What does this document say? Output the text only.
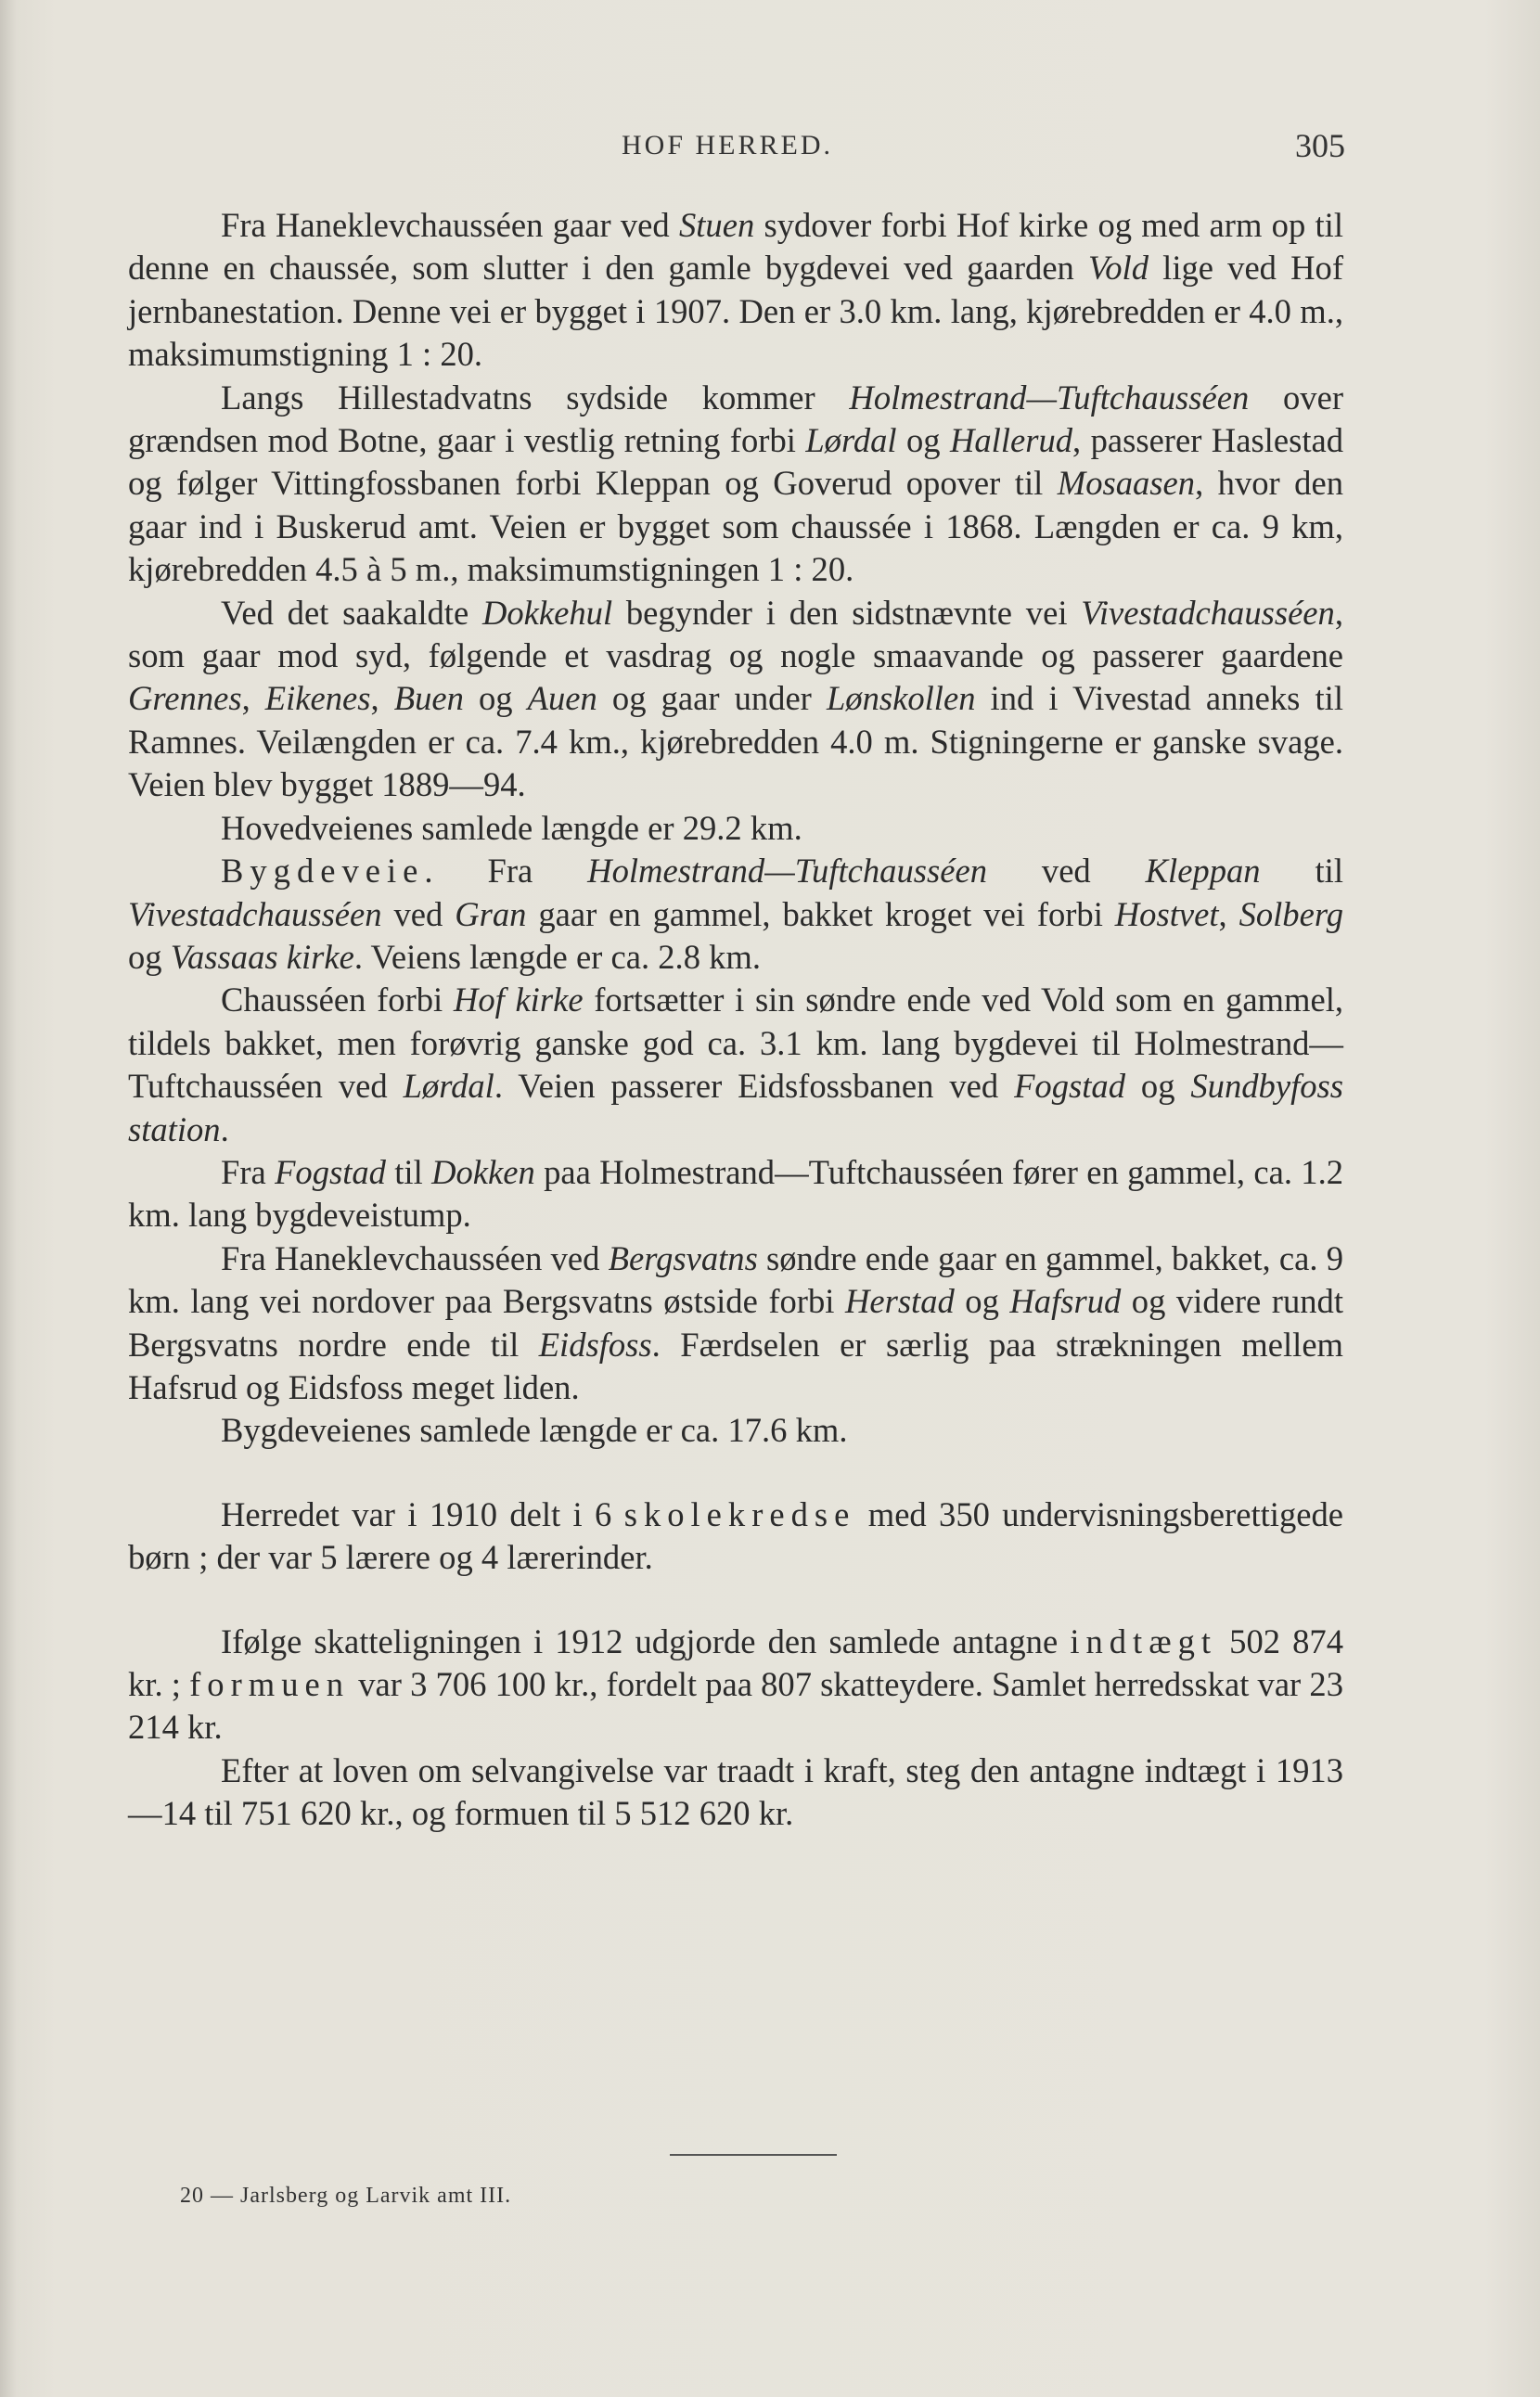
HOF HERRED.	305

Fra Haneklevchausséen gaar ved Stuen sydover forbi Hof kirke og med arm op til denne en chaussée, som slutter i den gamle bygdevei ved gaarden Vold lige ved Hof jernbanestation. Denne vei er bygget i 1907. Den er 3.0 km. lang, kjørebredden er 4.0 m., maksimumstigning 1 : 20.

Langs Hillestadvatns sydside kommer Holmestrand—Tuftchausséen over grændsen mod Botne, gaar i vestlig retning forbi Lørdal og Hallerud, passerer Haslestad og følger Vittingfossbanen forbi Kleppan og Goverud opover til Mosaasen, hvor den gaar ind i Buskerud amt. Veien er bygget som chaussée i 1868. Længden er ca. 9 km, kjørebredden 4.5 à 5 m., maksimumstigningen 1 : 20.

Ved det saakaldte Dokkehul begynder i den sidstnævnte vei Vivestadchausséen, som gaar mod syd, følgende et vasdrag og nogle smaavande og passerer gaardene Grennes, Eikenes, Buen og Auen og gaar under Lønskollen ind i Vivestad anneks til Ramnes. Veilængden er ca. 7.4 km., kjørebredden 4.0 m. Stigningerne er ganske svage. Veien blev bygget 1889—94.

Hovedveienes samlede længde er 29.2 km.

Bygdeveie. Fra Holmestrand—Tuftchausséen ved Kleppan til Vivestadchausséen ved Gran gaar en gammel, bakket kroget vei forbi Hostvet, Solberg og Vassaas kirke. Veiens længde er ca. 2.8 km.

Chausséen forbi Hof kirke fortsætter i sin søndre ende ved Vold som en gammel, tildels bakket, men forøvrig ganske god ca. 3.1 km. lang bygdevei til Holmestrand—Tuftchausséen ved Lørdal. Veien passerer Eidsfossbanen ved Fogstad og Sundbyfoss station.

Fra Fogstad til Dokken paa Holmestrand—Tuftchausséen fører en gammel, ca. 1.2 km. lang bygdeveistump.

Fra Haneklevchausséen ved Bergsvatns søndre ende gaar en gammel, bakket, ca. 9 km. lang vei nordover paa Bergsvatns østside forbi Herstad og Hafsrud og videre rundt Bergsvatns nordre ende til Eidsfoss. Færdselen er særlig paa strækningen mellem Hafsrud og Eidsfoss meget liden.

Bygdeveienes samlede længde er ca. 17.6 km.

Herredet var i 1910 delt i 6 skolekredse med 350 undervisningsberettigede børn ; der var 5 lærere og 4 lærerinder.

Ifølge skatteligningen i 1912 udgjorde den samlede antagne indtægt 502 874 kr. ; formuen var 3 706 100 kr., fordelt paa 807 skatteydere. Samlet herredsskat var 23 214 kr.

Efter at loven om selvangivelse var traadt i kraft, steg den antagne indtægt i 1913—14 til 751 620 kr., og formuen til 5 512 620 kr.

20 — Jarlsberg og Larvik amt III.
